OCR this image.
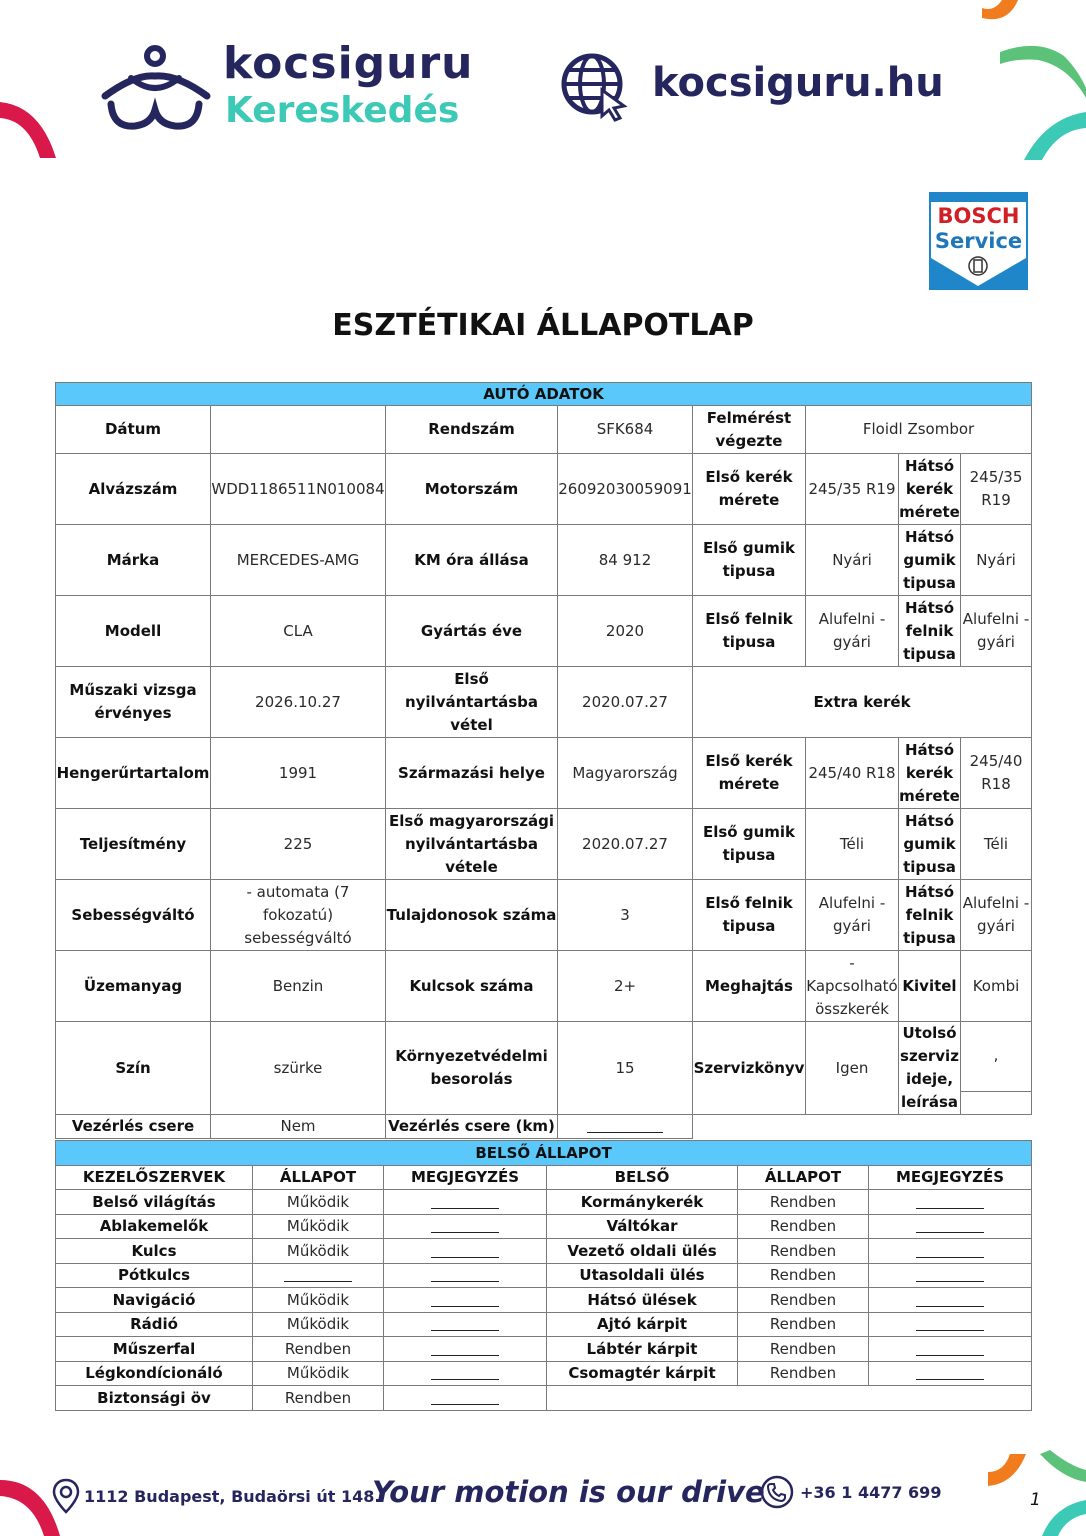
kocsiguru
Kereskedés
kocsiguru.hu
BOSCH
Service
ESZTÉTIKAI ÁLLAPOTLAP
AUTÓ ADATOK							
Dátum		Rendszám	SFK684	Felmérést végezte	Floidl Zsombor		
Alvázszám	WDD1186511N010084	Motorszám	26092030059091	Első kerék mérete	245/35 R19	Hátsó kerék mérete	245/35 R19
Márka	MERCEDES-AMG	KM óra állása	84 912	Első gumik tipusa	Nyári	Hátsó gumik tipusa	Nyári
Modell	CLA	Gyártás éve	2020	Első felnik tipusa	Alufelni - gyári	Hátsó felnik tipusa	Alufelni - gyári
Műszaki vizsga érvényes	2026.10.27	Első nyilvántartásba vétel	2020.07.27	Extra kerék			
Hengerűrtartalom	1991	Származási helye	Magyarország	Első kerék mérete	245/40 R18	Hátsó kerék mérete	245/40 R18
Teljesítmény	225	Első magyarországi nyilvántartásba vétele	2020.07.27	Első gumik tipusa	Téli	Hátsó gumik tipusa	Téli
Sebességváltó	- automata (7 fokozatú) sebességváltó	Tulajdonosok száma	3	Első felnik tipusa	Alufelni - gyári	Hátsó felnik tipusa	Alufelni - gyári
Üzemanyag	Benzin	Kulcsok száma	2+	Meghajtás	- Kapcsolható összkerék	Kivitel	Kombi
Szín	szürke	Környezetvédelmi besorolás	15	Szervizkönyv	Igen	Utolsó szerviz ideje, leírása	,

Vezérlés csere	Nem	Vezérlés csere (km)					
BELSŐ ÁLLAPOT					
KEZELŐSZERVEK	ÁLLAPOT	MEGJEGYZÉS	BELSŐ	ÁLLAPOT	MEGJEGYZÉS
Belső világítás	Működik		Kormánykerék	Rendben	
Ablakemelők	Működik		Váltókar	Rendben	
Kulcs	Működik		Vezető oldali ülés	Rendben	
Pótkulcs			Utasoldali ülés	Rendben	
Navigáció	Működik		Hátsó ülések	Rendben	
Rádió	Működik		Ajtó kárpit	Rendben	
Műszerfal	Rendben		Lábtér kárpit	Rendben	
Légkondícionáló	Működik		Csomagtér kárpit	Rendben	
Biztonsági öv	Rendben				
1112 Budapest, Budaörsi út 148.
Your motion is our drive +36 1 4477 699	1
